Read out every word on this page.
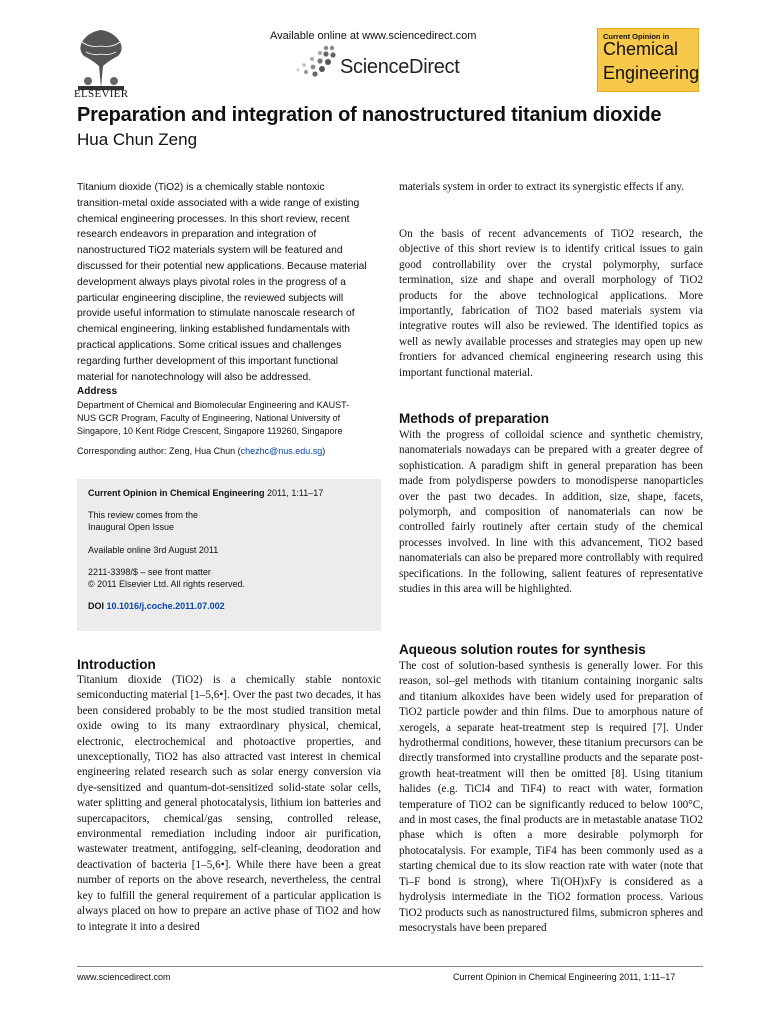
ELSEVIER
Available online at www.sciencedirect.com
ScienceDirect
Current Opinion in
Chemical
Engineering
Preparation and integration of nanostructured titanium dioxide
Hua Chun Zeng
Titanium dioxide (TiO2) is a chemically stable nontoxic transition-metal oxide associated with a wide range of existing chemical engineering processes. In this short review, recent research endeavors in preparation and integration of nanostructured TiO2 materials system will be featured and discussed for their potential new applications. Because material development always plays pivotal roles in the progress of a particular engineering discipline, the reviewed subjects will provide useful information to stimulate nanoscale research of chemical engineering, linking established fundamentals with practical applications. Some critical issues and challenges regarding further development of this important functional material for nanotechnology will also be addressed.
Address
Department of Chemical and Biomolecular Engineering and KAUST-NUS GCR Program, Faculty of Engineering, National University of Singapore, 10 Kent Ridge Crescent, Singapore 119260, Singapore
Corresponding author: Zeng, Hua Chun (chezhc@nus.edu.sg)
Current Opinion in Chemical Engineering 2011, 1:11–17
This review comes from the
Inaugural Open Issue
Available online 3rd August 2011
2211-3398/$ – see front matter
© 2011 Elsevier Ltd. All rights reserved.
DOI 10.1016/j.coche.2011.07.002
Introduction
Titanium dioxide (TiO2) is a chemically stable nontoxic semiconducting material [1–5,6•]. Over the past two decades, it has been considered probably to be the most studied transition metal oxide owing to its many extraordinary physical, chemical, electronic, electrochemical and photoactive properties, and unexceptionally, TiO2 has also attracted vast interest in chemical engineering related research such as solar energy conversion via dye-sensitized and quantum-dot-sensitized solid-state solar cells, water splitting and general photocatalysis, lithium ion batteries and supercapacitors, chemical/gas sensing, controlled release, environmental remediation including indoor air purification, wastewater treatment, antifogging, self-cleaning, deodoration and deactivation of bacteria [1–5,6•]. While there have been a great number of reports on the above research, nevertheless, the central key to fulfill the general requirement of a particular application is always placed on how to prepare an active phase of TiO2 and how to integrate it into a desired
materials system in order to extract its synergistic effects if any.
On the basis of recent advancements of TiO2 research, the objective of this short review is to identify critical issues to gain good controllability over the crystal polymorphy, surface termination, size and shape and overall morphology of TiO2 products for the above technological applications. More importantly, fabrication of TiO2 based materials system via integrative routes will also be reviewed. The identified topics as well as newly available processes and strategies may open up new frontiers for advanced chemical engineering research using this important functional material.
Methods of preparation
With the progress of colloidal science and synthetic chemistry, nanomaterials nowadays can be prepared with a greater degree of sophistication. A paradigm shift in general preparation has been made from polydisperse powders to monodisperse nanoparticles over the past two decades. In addition, size, shape, facets, polymorph, and composition of nanomaterials can now be controlled fairly routinely after certain study of the chemical processes involved. In line with this advancement, TiO2 based nanomaterials can also be prepared more controllably with required specifications. In the following, salient features of representative studies in this area will be highlighted.
Aqueous solution routes for synthesis
The cost of solution-based synthesis is generally lower. For this reason, sol–gel methods with titanium containing inorganic salts and titanium alkoxides have been widely used for preparation of TiO2 particle powder and thin films. Due to amorphous nature of xerogels, a separate heat-treatment step is required [7]. Under hydrothermal conditions, however, these titanium precursors can be directly transformed into crystalline products and the separate post-growth heat-treatment will then be omitted [8]. Using titanium halides (e.g. TiCl4 and TiF4) to react with water, formation temperature of TiO2 can be significantly reduced to below 100°C, and in most cases, the final products are in metastable anatase TiO2 phase which is often a more desirable polymorph for photocatalysis. For example, TiF4 has been commonly used as a starting chemical due to its slow reaction rate with water (note that Ti–F bond is strong), where Ti(OH)xFy is considered as a hydrolysis intermediate in the TiO2 formation process. Various TiO2 products such as nanostructured films, submicron spheres and mesocrystals have been prepared
www.sciencedirect.com	Current Opinion in Chemical Engineering 2011, 1:11–17
